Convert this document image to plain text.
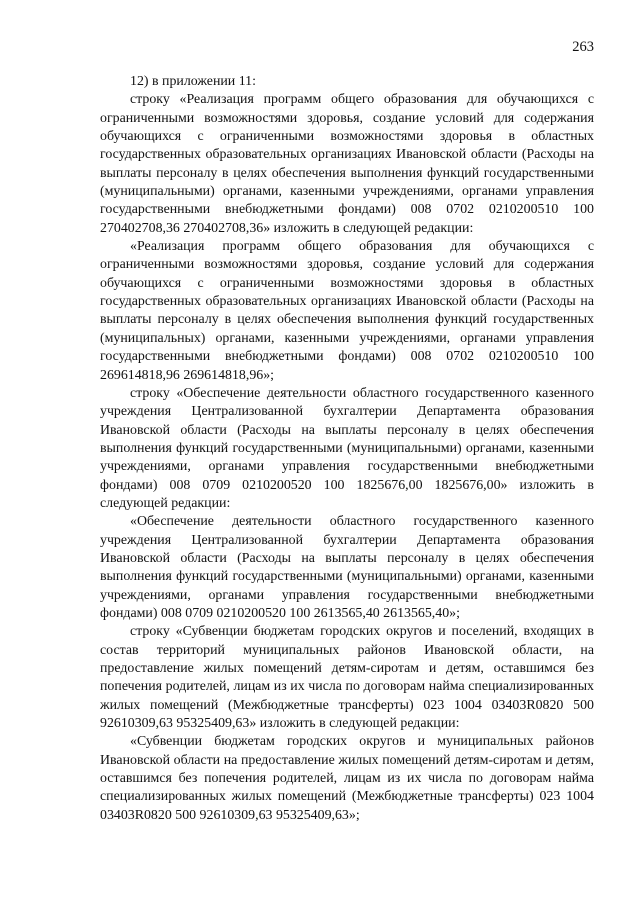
263

12) в приложении 11:

строку «Реализация программ общего образования для обучающихся с ограниченными возможностями здоровья, создание условий для содержания обучающихся с ограниченными возможностями здоровья в областных государственных образовательных организациях Ивановской области (Расходы на выплаты персоналу в целях обеспечения выполнения функций государственными (муниципальными) органами, казенными учреждениями, органами управления государственными внебюджетными фондами) 008 0702 0210200510 100 270402708,36 270402708,36» изложить в следующей редакции:

«Реализация программ общего образования для обучающихся с ограниченными возможностями здоровья, создание условий для содержания обучающихся с ограниченными возможностями здоровья в областных государственных образовательных организациях Ивановской области (Расходы на выплаты персоналу в целях обеспечения выполнения функций государственных (муниципальных) органами, казенными учреждениями, органами управления государственными внебюджетными фондами) 008 0702 0210200510 100 269614818,96 269614818,96»;

строку «Обеспечение деятельности областного государственного казенного учреждения Централизованной бухгалтерии Департамента образования Ивановской области (Расходы на выплаты персоналу в целях обеспечения выполнения функций государственными (муниципальными) органами, казенными учреждениями, органами управления государственными внебюджетными фондами) 008 0709 0210200520 100 1825676,00 1825676,00» изложить в следующей редакции:

«Обеспечение деятельности областного государственного казенного учреждения Централизованной бухгалтерии Департамента образования Ивановской области (Расходы на выплаты персоналу в целях обеспечения выполнения функций государственными (муниципальными) органами, казенными учреждениями, органами управления государственными внебюджетными фондами) 008 0709 0210200520 100 2613565,40 2613565,40»;

строку «Субвенции бюджетам городских округов и поселений, входящих в состав территорий муниципальных районов Ивановской области, на предоставление жилых помещений детям-сиротам и детям, оставшимся без попечения родителей, лицам из их числа по договорам найма специализированных жилых помещений (Межбюджетные трансферты) 023 1004 03403R0820 500 92610309,63 95325409,63» изложить в следующей редакции:

«Субвенции бюджетам городских округов и муниципальных районов Ивановской области на предоставление жилых помещений детям-сиротам и детям, оставшимся без попечения родителей, лицам из их числа по договорам найма специализированных жилых помещений (Межбюджетные трансферты) 023 1004 03403R0820 500 92610309,63 95325409,63»;
